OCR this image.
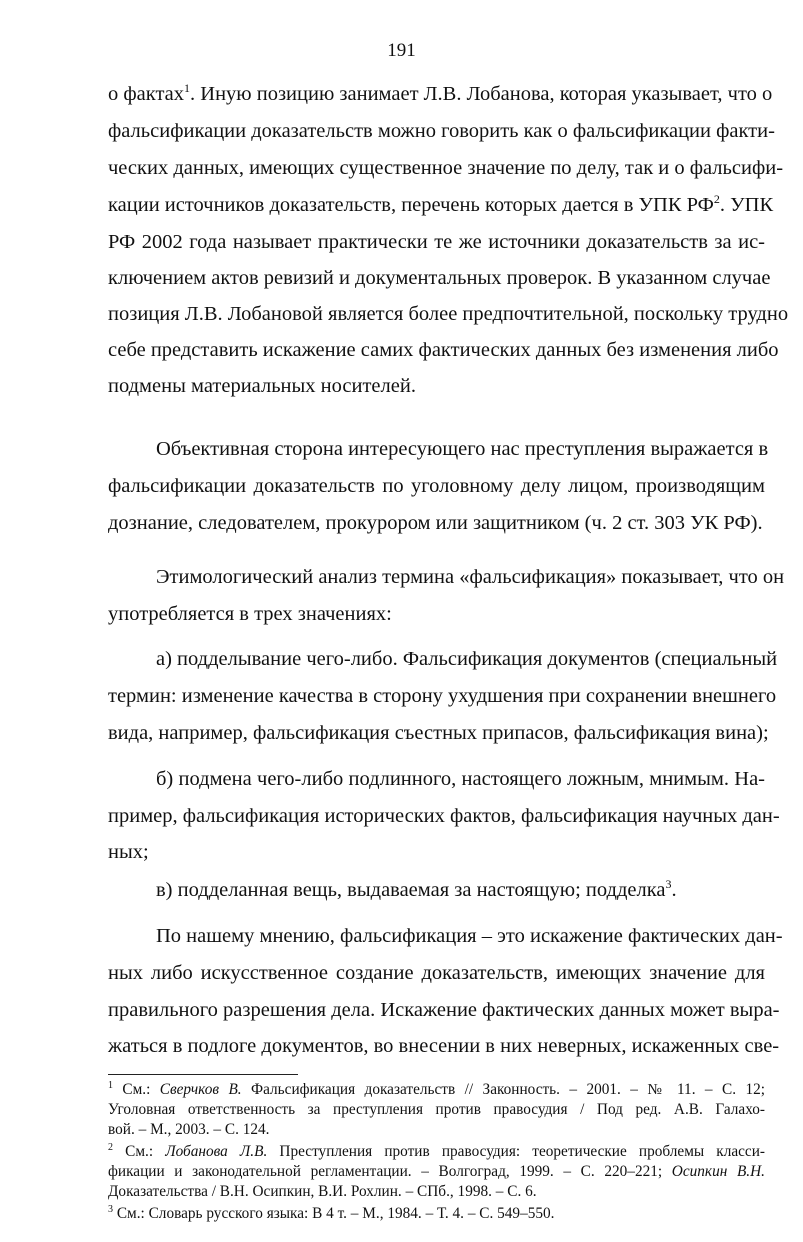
191
о фактах$^1$. Иную позицию занимает Л.В. Лобанова, которая указывает, что о
фальсификации доказательств можно говорить как о фальсификации факти-
ческих данных, имеющих существенное значение по делу, так и о фальсифи-
кации источников доказательств, перечень которых дается в УПК $РФ^2$. УПК
РФ 2002 года называет практически те же источники доказательств за ис-
ключением актов ревизий и документальных проверок. В указанном случае
позиция Л.В. Лобановой является более предпочтительной, поскольку трудно
себе представить искажение самих фактических данных без изменения либо
подмены материальных носителей.
Объективная сторона интересующего нас преступления выражается в
фальсификации доказательств по уголовному делу лицом, производящим
дознание, следователем, прокурором или защитником (ч. 2 ст. 303 УК РФ).
Этимологический анализ термина «фальсификация» показывает, что он
употребляется в трех значениях:
а) подделывание чего-либо. Фальсификация документов (специальный
термин: изменение качества в сторону ухудшения при сохранении внешнего
вида, например, фальсификация съестных припасов, фальсификация вина);
б) подмена чего-либо подлинного, настоящего ложным, мнимым. На-
пример, фальсификация исторических фактов, фальсификация научных дан-
ных;
в) подделанная вещь, выдаваемая за настоящую; подделка$^3$.
По нашему мнению, фальсификация – это искажение фактических дан-
ных либо искусственное создание доказательств, имеющих значение для
правильного разрешения дела. Искажение фактических данных может выра-
жаться в подлоге документов, во внесении в них неверных, искаженных све-
$^1$ См.: Сверчков В. Фальсификация доказательств // Законность. – 2001. – № 11. – С. 12;
Уголовная ответственность за преступления против правосудия / Под ред. А.В. Галахо-
вой. – М., 2003. – С. 124.
$^2$ См.: Лобанова Л.В. Преступления против правосудия: теоретические проблемы класси-
фикации и законодательной регламентации. – Волгоград, 1999. – С. 220–221; Осипкин В.Н.
Доказательства / В.Н. Осипкин, В.И. Рохлин. – СПб., 1998. – С. 6.
$^3$ См.: Словарь русского языка: В 4 т. – М., 1984. – Т. 4. – С. 549–550.
